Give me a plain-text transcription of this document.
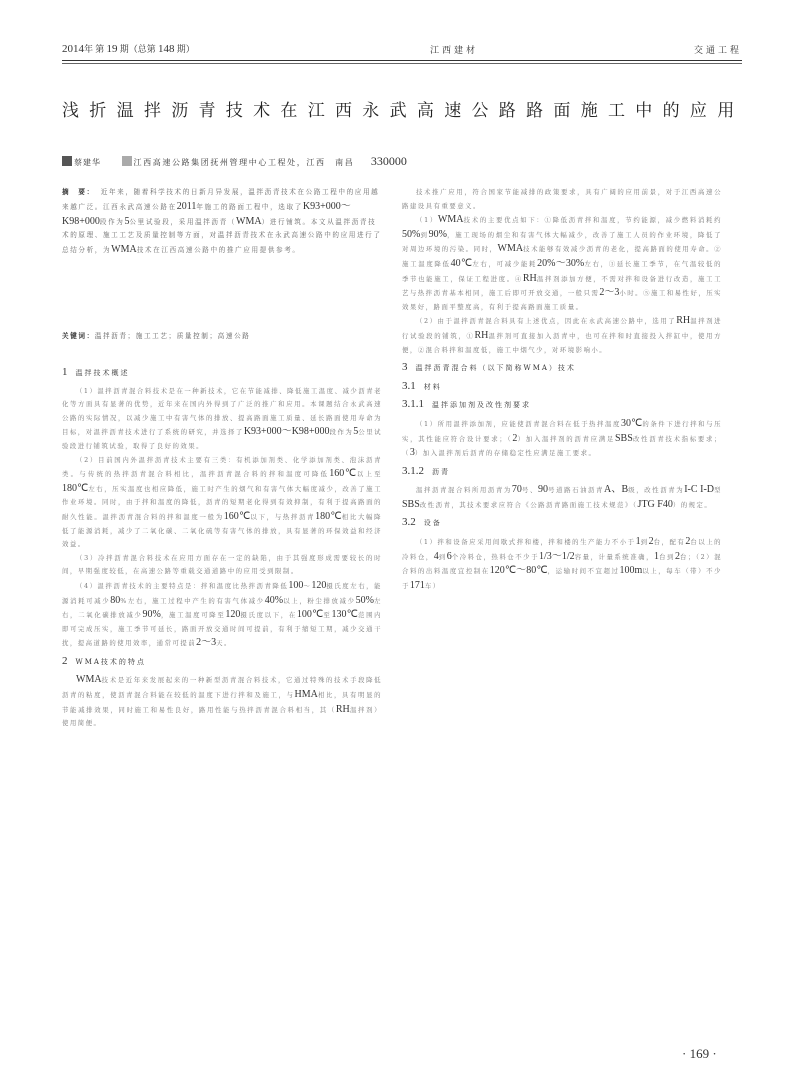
2014年 第 19 期（总第 148 期）	江西建材	交通工程
浅折温拌沥青技术在江西永武高速公路路面施工中的应用
蔡建华	江西高速公路集团抚州管理中心工程处，江西　南昌 330000
摘　要： 近年来，随着科学技术的日新月异发展，温拌沥青技术在公路工程中的应用越来越广泛。江西永武高速公路在2011年施工的路面工程中，选取了K93+000～K98+000段作为5公里试验段，采用温拌沥青（WMA）进行铺筑。本文从温拌沥青技术的原理、施工工艺及质量控制等方面，对温拌沥青技术在永武高速公路中的应用进行了总结分析，为WMA技术在江西高速公路中的推广应用提供参考。
关键词：温拌沥青；施工工艺；质量控制；高速公路
1 温拌技术概述

（1）温拌沥青混合料技术是在一种新技术，它在节能减排、降低施工温度、减少沥青老化等方面具有显著的优势，近年来在国内外得到了广泛的推广和应用。本课题结合永武高速公路的实际情况，以减少施工中有害气体的排放、提高路面施工质量、延长路面使用寿命为目标，对温拌沥青技术进行了系统的研究，并选择了K93+000～K98+000段作为5公里试验段进行铺筑试验，取得了良好的效果。

（2）目前国内外温拌沥青技术主要有三类：有机添加剂类、化学添加剂类、泡沫沥青类。与传统的热拌沥青混合料相比，温拌沥青混合料的拌和温度可降低160℃以上至180℃左右，压实温度也相应降低，施工时产生的烟气和有害气体大幅度减少，改善了施工作业环境。同时，由于拌和温度的降低，沥青的短期老化得到有效抑制，有利于提高路面的耐久性能。温拌沥青混合料的拌和温度一般为160℃以下，与热拌沥青180℃相比大幅降低了能源消耗，减少了二氧化碳、二氧化硫等有害气体的排放，具有显著的环保效益和经济效益。

（3）冷拌沥青混合料技术在应用方面存在一定的缺陷，由于其强度形成需要较长的时间，早期强度较低，在高速公路等重载交通道路中的应用受到限制。

（4）温拌沥青技术的主要特点是：拌和温度比热拌沥青降低100～120摄氏度左右，能源消耗可减少80%左右，施工过程中产生的有害气体减少40%以上，粉尘排放减少50%左右，二氧化碳排放减少90%，施工温度可降至120摄氏度以下，在100℃至130℃范围内即可完成压实，施工季节可延长，路面开放交通时间可提前，有利于缩短工期，减少交通干扰，提高道路的使用效率，通常可提前2～3天。

2 WMA技术的特点

WMA技术是近年来发展起来的一种新型沥青混合料技术，它通过特殊的技术手段降低沥青的粘度，使沥青混合料能在较低的温度下进行拌和及施工，与HMA相比，具有明显的节能减排效果，同时施工和易性良好，路用性能与热拌沥青混合料相当，其（RH温拌剂）使用简便。

技术推广应用，符合国家节能减排的政策要求，具有广阔的应用前景，对于江西高速公路建设具有重要意义。

（1）WMA技术的主要优点如下：①降低沥青拌和温度，节约能源，减少燃料消耗约50%到90%，施工现场的烟尘和有害气体大幅减少，改善了施工人员的作业环境，降低了对周边环境的污染。同时，WMA技术能够有效减少沥青的老化，提高路面的使用寿命。②施工温度降低40℃左右，可减少能耗20%～30%左右，③延长施工季节，在气温较低的季节也能施工，保证工程进度。④RH温拌剂添加方便，不需对拌和设备进行改造，施工工艺与热拌沥青基本相同，施工后即可开放交通，一般只需2～3小时。⑤施工和易性好，压实效果好，路面平整度高，有利于提高路面施工质量。

（2）由于温拌沥青混合料具有上述优点，因此在永武高速公路中，选用了RH温拌剂进行试验段的铺筑，①RH温拌剂可直接加入沥青中，也可在拌和时直接投入拌缸中，使用方便，②混合料拌和温度低，施工中烟气少，对环境影响小。

3 温拌沥青混合料（以下简称WMA）技术
3.1 材料
3.1.1 温拌添加剂及改性剂要求

（1）所用温拌添加剂，应能使沥青混合料在低于热拌温度30℃的条件下进行拌和与压实，其性能应符合设计要求；（2）加入温拌剂的沥青应满足SBS改性沥青技术指标要求；（3）加入温拌剂后沥青的存储稳定性应满足施工要求。

3.1.2 沥青

温拌沥青混合料所用沥青为70号、90号道路石油沥青A、B级，改性沥青为I-C I-D型SBS改性沥青，其技术要求应符合《公路沥青路面施工技术规范》（JTG F40）的规定。

3.2 设备

（1）拌和设备应采用间歇式拌和楼，拌和楼的生产能力不小于1到2台，配有2台以上的冷料仓，4到6个冷料仓，热料仓不少于1/3～1/2容量，计量系统准确，1台到2台；（2）混合料的出料温度宜控制在120℃～80℃，运输时间不宜超过100m以上，每车（带）不少于171车）

· 169 ·
